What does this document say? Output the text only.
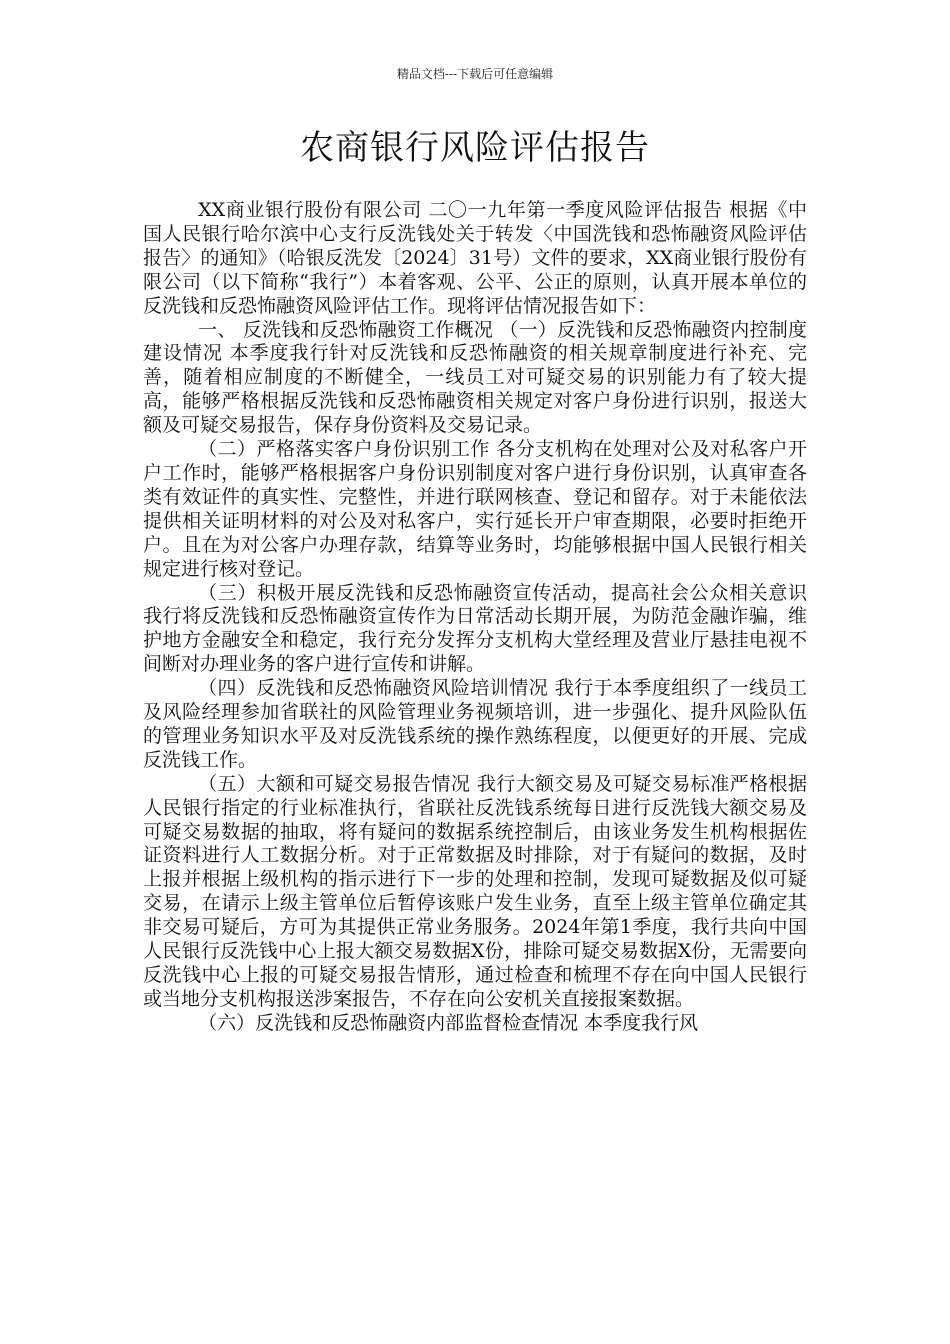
精品文档---下载后可任意编辑
农商银行风险评估报告

XX商业银行股份有限公司 二〇一九年第一季度风险评估报告 根据《中国人民银行哈尔滨中心支行反洗钱处关于转发〈中国洗钱和恐怖融资风险评估报告〉的通知》（哈银反洗发〔2024〕31号）文件的要求，XX商业银行股份有限公司（以下简称“我行”）本着客观、公平、公正的原则，认真开展本单位的反洗钱和反恐怖融资风险评估工作。现将评估情况报告如下：

一、 反洗钱和反恐怖融资工作概况 （一）反洗钱和反恐怖融资内控制度建设情况 本季度我行针对反洗钱和反恐怖融资的相关规章制度进行补充、完善，随着相应制度的不断健全，一线员工对可疑交易的识别能力有了较大提高，能够严格根据反洗钱和反恐怖融资相关规定对客户身份进行识别，报送大额及可疑交易报告，保存身份资料及交易记录。

（二）严格落实客户身份识别工作 各分支机构在处理对公及对私客户开户工作时，能够严格根据客户身份识别制度对客户进行身份识别，认真审查各类有效证件的真实性、完整性，并进行联网核查、登记和留存。对于未能依法提供相关证明材料的对公及对私客户，实行延长开户审查期限，必要时拒绝开户。且在为对公客户办理存款，结算等业务时，均能够根据中国人民银行相关规定进行核对登记。

（三）积极开展反洗钱和反恐怖融资宣传活动，提高社会公众相关意识 我行将反洗钱和反恐怖融资宣传作为日常活动长期开展，为防范金融诈骗，维护地方金融安全和稳定，我行充分发挥分支机构大堂经理及营业厅悬挂电视不间断对办理业务的客户进行宣传和讲解。

（四）反洗钱和反恐怖融资风险培训情况 我行于本季度组织了一线员工及风险经理参加省联社的风险管理业务视频培训，进一步强化、提升风险队伍的管理业务知识水平及对反洗钱系统的操作熟练程度，以便更好的开展、完成反洗钱工作。

（五）大额和可疑交易报告情况 我行大额交易及可疑交易标准严格根据人民银行指定的行业标准执行，省联社反洗钱系统每日进行反洗钱大额交易及可疑交易数据的抽取，将有疑问的数据系统控制后，由该业务发生机构根据佐证资料进行人工数据分析。对于正常数据及时排除，对于有疑问的数据，及时上报并根据上级机构的指示进行下一步的处理和控制，发现可疑数据及似可疑交易，在请示上级主管单位后暂停该账户发生业务，直至上级主管单位确定其非交易可疑后，方可为其提供正常业务服务。2024年第1季度，我行共向中国人民银行反洗钱中心上报大额交易数据X份，排除可疑交易数据X份，无需要向反洗钱中心上报的可疑交易报告情形，通过检查和梳理不存在向中国人民银行或当地分支机构报送涉案报告，不存在向公安机关直接报案数据。

（六）反洗钱和反恐怖融资内部监督检查情况 本季度我行风
